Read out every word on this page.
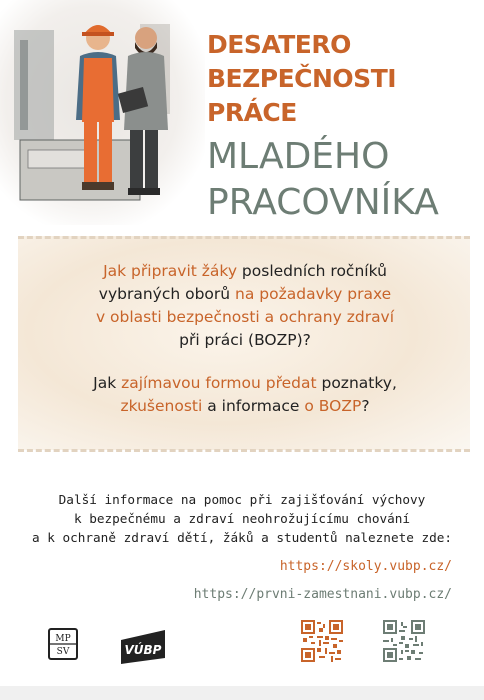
DESATERO
BEZPEČNOSTI PRÁCE
MLADÉHO
PRACOVNÍKA
Jak připravit žáky posledních ročníků
vybraných oborů na požadavky praxe
v oblasti bezpečnosti a ochrany zdraví
při práci (BOZP)?
Jak zajímavou formou předat poznatky,
zkušenosti a informace o BOZP?
Další informace na pomoc při zajišťování výchovy
k bezpečnému a zdraví neohrožujícímu chování
a k ochraně zdraví dětí, žáků a studentů naleznete zde:
https://skoly.vubp.cz/
https://prvni-zamestnani.vubp.cz/
MP
SV	VÚBP
